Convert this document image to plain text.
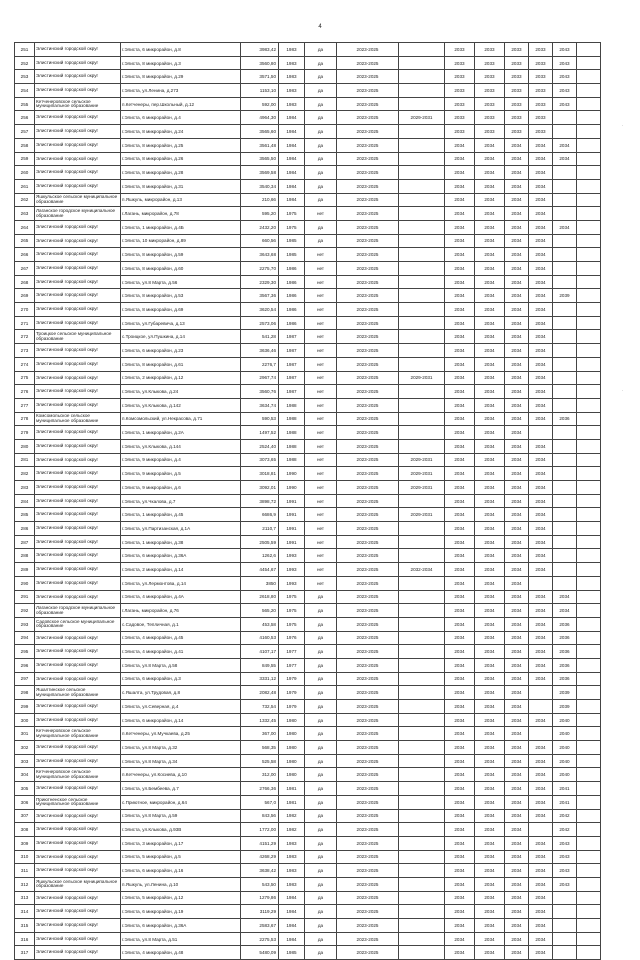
4
251	Элистинский городской округ	г.Элиста, 6 микрорайон, д.8	3983,42	1983	да	2023-2025		2033	2033	2033	2033	2043	
252	Элистинский городской округ	г.Элиста, 8 микрорайон, д.3	3560,80	1983	да	2023-2025		2033	2033	2033	2033	2043	
253	Элистинский городской округ	г.Элиста, 8 микрорайон, д.29	3571,50	1983	да	2023-2025		2033	2033	2033	2033	2043	
254	Элистинский городской округ	г.Элиста, ул.Ленина, д.273	1153,10	1983	да	2023-2025		2033	2033	2033	2033	2043	
255	Кетченеровское сельское муниципальное образование	п.Кетченеры, пер.Школьный, д.12	592,00	1983	да	2023-2025		2033	2033	2033	2033	2043	
256	Элистинский городской округ	г.Элиста, 6 микрорайон, д.4	4964,30	1984	да	2023-2025	2029-2031	2033	2033	2033	2033		
257	Элистинский городской округ	г.Элиста, 8 микрорайон, д.24	3565,60	1984	да	2023-2025		2033	2033	2033	2033		
258	Элистинский городской округ	г.Элиста, 8 микрорайон, д.25	3561,48	1984	да	2023-2025		2034	2034	2034	2034	2034	
259	Элистинский городской округ	г.Элиста, 8 микрорайон, д.26	3565,50	1984	да	2023-2025		2034	2034	2034	2034	2034	
260	Элистинский городской округ	г.Элиста, 8 микрорайон, д.28	3569,58	1984	да	2023-2025		2034	2034	2034	2034		
261	Элистинский городской округ	г.Элиста, 8 микрорайон, д.31	3540,34	1984	да	2023-2025		2034	2034	2034	2034		
262	Яшкульское сельское муниципальное образование	п.Яшкуль, микрорайон, д.13	210,66	1984	да	2023-2025		2034	2034	2034	2034		
263	Лаганское городское муниципальное образование	г.Лагань, микрорайон, д.78	595,20	1975	нет	2023-2025		2034	2034	2034	2034		
264	Элистинский городской округ	г.Элиста, 1 микрорайон, д.4Б	2432,20	1975	да	2023-2025		2034	2034	2034	2034	2034	
265	Элистинский городской округ	г.Элиста, 10 микрорайон, д.89	660,56	1985	да	2023-2025		2034	2034	2034	2034		
266	Элистинский городской округ	г.Элиста, 8 микрорайон, д.59	3643,68	1985	нет	2023-2025		2034	2034	2034	2034		
267	Элистинский городской округ	г.Элиста, 8 микрорайон, д.60	2275,70	1986	нет	2023-2025		2034	2034	2034	2034		
268	Элистинский городской округ	г.Элиста, ул.8 Марта, д.56	2329,30	1986	нет	2023-2025		2034	2034	2034	2034		
269	Элистинский городской округ	г.Элиста, 8 микрорайон, д.53	3567,36	1986	нет	2023-2025		2034	2034	2034	2034	2039	
270	Элистинский городской округ	г.Элиста, 8 микрорайон, д.69	3620,54	1986	нет	2023-2025		2034	2034	2034	2034		
271	Элистинский городской округ	г.Элиста, ул.Губаревича, д.13	2573,06	1986	нет	2023-2025		2034	2034	2034	2034		
272	Троицкое сельское муниципальное образование	с.Троицкое, ул.Пушкина, д.14	541,28	1987	нет	2023-2025		2034	2034	2034	2034		
273	Элистинский городской округ	г.Элиста, 6 микрорайон, д.23	3636,46	1987	нет	2023-2025		2034	2034	2034	2034		
274	Элистинский городской округ	г.Элиста, 8 микрорайон, д.61	2276,7	1987	нет	2023-2025		2034	2034	2034	2034		
275	Элистинский городской округ	г.Элиста, 2 микрорайон, д.12	2967,74	1987	нет	2023-2025	2029-2031	2034	2034	2034	2034		
276	Элистинский городской округ	г.Элиста, ул.Клыкова, д.24	3560,76	1987	нет	2023-2025		2034	2034	2034	2034		
277	Элистинский городской округ	г.Элиста, ул.Клыкова, д.142	3634,74	1988	нет	2023-2025		2034	2034	2034	2034		
278	Комсомольское сельское муниципальное образование	п.Комсомольский, ул.Некрасова, д.71	590,53	1988	нет	2023-2025		2034	2034	2034	2034	2036	
279	Элистинский городской округ	г.Элиста, 1 микрорайон, д.2А	1497,52	1988	нет	2023-2025		2034	2034	2034			
280	Элистинский городской округ	г.Элиста, ул.Клыкова, д.144	2524,40	1988	нет	2023-2025		2034	2034	2034	2034		
281	Элистинский городской округ	г.Элиста, 9 микрорайон, д.4	3073,65	1988	нет	2023-2025	2029-2031	2034	2034	2034	2034		
282	Элистинский городской округ	г.Элиста, 9 микрорайон, д.5	3018,81	1990	нет	2023-2025	2029-2031	2034	2034	2034	2034		
283	Элистинский городской округ	г.Элиста, 9 микрорайон, д.6	3092,01	1990	нет	2023-2025	2029-2031	2034	2034	2034	2034		
284	Элистинский городской округ	г.Элиста, ул.Чкалова, д.7	3898,72	1991	нет	2023-2025		2034	2034	2034	2034		
285	Элистинский городской округ	г.Элиста, 1 микрорайон, д.45	6686,9	1991	нет	2023-2025	2029-2031	2034	2034	2034	2034		
286	Элистинский городской округ	г.Элиста, ул.Партизанская, д.1А	2110,7	1991	нет	2023-2025		2034	2034	2034	2034		
287	Элистинский городской округ	г.Элиста, 1 микрорайон, д.38	2505,59	1991	нет	2023-2025		2034	2034	2034	2034		
288	Элистинский городской округ	г.Элиста, 6 микрорайон, д.36А	1262,6	1993	нет	2023-2025		2034	2034	2034	2034		
289	Элистинский городской округ	г.Элиста, 2 микрорайон, д.14	4454,67	1993	нет	2023-2025	2032-2034	2034	2034	2034	2034		
290	Элистинский городской округ	г.Элиста, ул.Лермонтова, д.14	3850	1993	нет	2023-2025		2034	2034	2034			
291	Элистинский городской округ	г.Элиста, 4 микрорайон, д.4А	2618,80	1975	да	2023-2025		2034	2034	2034	2034	2034	
292	Лаганское городское муниципальное образование	г.Лагань, микрорайон, д.76	565,20	1975	да	2023-2025		2034	2034	2034	2034	2034	
293	Садовское сельское муниципальное образование	с.Садовое, Тепличная, д.1	453,58	1975	да	2023-2025		2034	2034	2034	2034	2036	
294	Элистинский городской округ	г.Элиста, 4 микрорайон, д.45	4160,53	1976	да	2023-2025		2034	2034	2034	2034	2036	
295	Элистинский городской округ	г.Элиста, 4 микрорайон, д.41	4107,17	1977	да	2023-2025		2034	2034	2034	2034	2036	
296	Элистинский городской округ	г.Элиста, ул.8 Марта, д.58	849,55	1977	да	2023-2025		2034	2034	2034	2034	2036	
297	Элистинский городской округ	г.Элиста, 6 микрорайон, д.3	3331,12	1979	да	2023-2025		2034	2034	2034	2034	2036	
298	Яшалтинское сельское муниципальное образование	с.Яшалта, ул.Трудовая, д.8	2082,48	1979	да	2023-2025		2034	2034	2034		2039	
299	Элистинский городской округ	г.Элиста, ул.Северная, д.4	732,54	1979	да	2023-2025		2034	2034	2034		2039	
300	Элистинский городской округ	г.Элиста, 6 микрорайон, д.14	1332,45	1980	да	2023-2025		2034	2034	2034	2034	2040	
301	Кетченеровское сельское муниципальное образование	п.Кетченеры, ул.Мучкаева, д.25	367,00	1980	да	2023-2025		2034	2034	2034		2040	
302	Элистинский городской округ	г.Элиста, ул.8 Марта, д.32	568,35	1980	да	2023-2025		2034	2034	2034	2034	2040	
303	Элистинский городской округ	г.Элиста, ул.8 Марта, д.34	525,58	1980	да	2023-2025		2034	2034	2034	2034	2040	
304	Кетченеровское сельское муниципальное образование	п.Кетченеры, ул.Косиева, д.10	312,00	1980	да	2023-2025		2034	2034	2034	2034	2040	
305	Элистинский городской округ	г.Элиста, ул.Бембеева, д.7	2766,36	1981	да	2023-2025		2034	2034	2034	2034	2041	
306	Приютненское сельское муниципальное образование	с.Приютное, микрорайон, д.64	567,0	1981	да	2023-2025		2034	2034	2034	2034	2041	
307	Элистинский городской округ	г.Элиста, ул.8 Марта, д.59	843,56	1982	да	2023-2025		2034	2034	2034	2034	2042	
308	Элистинский городской округ	г.Элиста, ул.Клыкова, д.93В	1772,00	1982	да	2023-2025		2034	2034	2034		2042	
309	Элистинский городской округ	г.Элиста, 3 микрорайон, д.17	4151,29	1983	да	2023-2025		2034	2034	2034	2034	2043	
310	Элистинский городской округ	г.Элиста, 5 микрорайон, д.5	4268,29	1983	да	2023-2025		2034	2034	2034	2034	2043	
311	Элистинский городской округ	г.Элиста, 6 микрорайон, д.16	3638,42	1983	да	2023-2025		2034	2034	2034	2034	2043	
312	Яшкульское сельское муниципальное образование	п.Яшкуль, ул.Ленина, д.10	543,50	1983	да	2023-2025		2034	2034	2034	2034	2043	
313	Элистинский городской округ	г.Элиста, 5 микрорайон, д.12	1279,86	1984	да	2023-2025		2034	2034	2034	2034		
314	Элистинский городской округ	г.Элиста, 6 микрорайон, д.19	3119,29	1984	да	2023-2025		2034	2034	2034	2034		
315	Элистинский городской округ	г.Элиста, 6 микрорайон, д.36А	2583,67	1984	да	2023-2025		2034	2034	2034	2034		
316	Элистинский городской округ	г.Элиста, ул.8 Марта, д.51	2275,53	1984	да	2023-2025		2034	2034	2034	2034		
317	Элистинский городской округ	г.Элиста, 4 микрорайон, д.48	5480,09	1985	да	2023-2025		2034	2034	2034	2034		
·
·
